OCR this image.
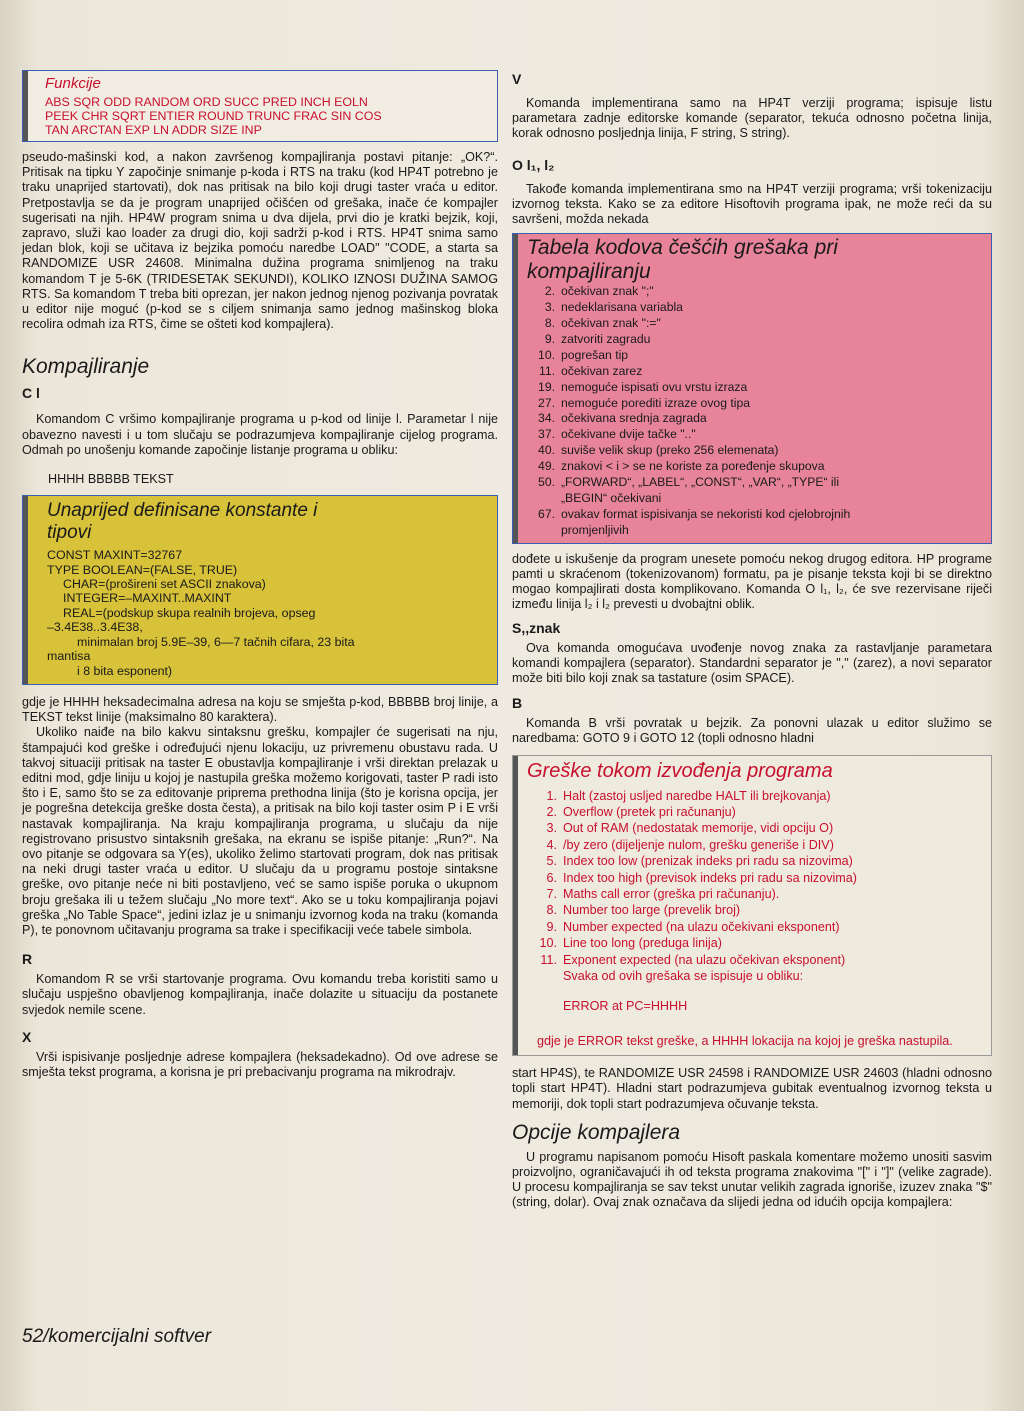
Funkcije
ABS SQR ODD RANDOM ORD SUCC PRED INCH EOLN
PEEK CHR SQRT ENTIER ROUND TRUNC FRAC SIN COS
TAN ARCTAN EXP LN ADDR SIZE INP

pseudo-mašinski kod, a nakon završenog kompajliranja postavi pitanje: „OK?“. Pritisak na tipku Y započinje snimanje p-koda i RTS na traku (kod HP4T potrebno je traku unaprijed startovati), dok nas pritisak na bilo koji drugi taster vraća u editor. Pretpostavlja se da je program unaprijed očišćen od grešaka, inače će kompajler sugerisati na njih. HP4W program snima u dva dijela, prvi dio je kratki bejzik, koji, zapravo, služi kao loader za drugi dio, koji sadrži p-kod i RTS. HP4T snima samo jedan blok, koji se učitava iz bejzika pomoću naredbe LOAD" "CODE, a starta sa RANDOMIZE USR 24608. Minimalna dužina programa snimljenog na traku komandom T je 5-6K (TRIDESETAK SEKUNDI), KOLIKO IZNOSI DUŽINA SAMOG RTS. Sa komandom T treba biti oprezan, jer nakon jednog njenog pozivanja povratak u editor nije moguć (p-kod se s ciljem snimanja samo jednog mašinskog bloka recolira odmah iza RTS, čime se ošteti kod kompajlera).

Kompajliranje
C l

Komandom C vršimo kompajliranje programa u p-kod od linije l. Parametar l nije obavezno navesti i u tom slučaju se podrazumjeva kompajliranje cijelog programa. Odmah po unošenju komande započinje listanje programa u obliku:

HHHH BBBBB TEKST

Unaprijed definisane konstante i
tipovi

CONST MAXINT=32767

TYPE BOOLEAN=(FALSE, TRUE)

CHAR=(prošireni set ASCII znakova)

INTEGER=–MAXINT..MAXINT

REAL=(podskup skupa realnih brojeva, opseg

–3.4E38..3.4E38,

minimalan broj 5.9E–39, 6—7 tačnih cifara, 23 bita

mantisa

i 8 bita esponent)

gdje je HHHH heksadecimalna adresa na koju se smješta p-kod, BBBBB broj linije, a TEKST tekst linije (maksimalno 80 karaktera).

Ukoliko naiđe na bilo kakvu sintaksnu grešku, kompajler će sugerisati na nju, štampajući kod greške i određujući njenu lokaciju, uz privremenu obustavu rada. U takvoj situaciji pritisak na taster E obustavlja kompajliranje i vrši direktan prelazak u editni mod, gdje liniju u kojoj je nastupila greška možemo korigovati, taster P radi isto što i E, samo što se za editovanje priprema prethodna linija (što je korisna opcija, jer je pogrešna detekcija greške dosta česta), a pritisak na bilo koji taster osim P i E vrši nastavak kompajliranja. Na kraju kompajliranja programa, u slučaju da nije registrovano prisustvo sintaksnih grešaka, na ekranu se ispiše pitanje: „Run?“. Na ovo pitanje se odgovara sa Y(es), ukoliko želimo startovati program, dok nas pritisak na neki drugi taster vraća u editor. U slučaju da u programu postoje sintaksne greške, ovo pitanje neće ni biti postavljeno, već se samo ispiše poruka o ukupnom broju grešaka ili u težem slučaju „No more text“. Ako se u toku kompajliranja pojavi greška „No Table Space“, jedini izlaz je u snimanju izvornog koda na traku (komanda P), te ponovnom učitavanju programa sa trake i specifikaciji veće tabele simbola.

R

Komandom R se vrši startovanje programa. Ovu komandu treba koristiti samo u slučaju uspješno obavljenog kompajliranja, inače dolazite u situaciju da postanete svjedok nemile scene.

X

Vrši ispisivanje posljednje adrese kompajlera (heksadekadno). Od ove adrese se smješta tekst programa, a korisna je pri prebacivanju programa na mikrodrajv.

V

Komanda implementirana samo na HP4T verziji programa; ispisuje listu parametara zadnje editorske komande (separator, tekuća odnosno početna linija, korak odnosno posljednja linija, F string, S string).

O l₁, l₂

Takođe komanda implementirana smo na HP4T verziji programa; vrši tokenizaciju izvornog teksta. Kako se za editore Hisoftovih programa ipak, ne može reći da su savršeni, možda nekada

Tabela kodova češćih grešaka pri
kompajliranju

2. očekivan znak ";"

3. nedeklarisana variabla

8. očekivan znak ":="

9. zatvoriti zagradu

10. pogrešan tip

11. očekivan zarez

19. nemoguće ispisati ovu vrstu izraza

27. nemoguće porediti izraze ovog tipa

34. očekivana srednja zagrada

37. očekivane dvije tačke ".."

40. suviše velik skup (preko 256 elemenata)

49. znakovi < i > se ne koriste za poređenje skupova

50. „FORWARD“, „LABEL“, „CONST“, „VAR“, „TYPE“ ili

„BEGIN“ očekivani

67. ovakav format ispisivanja se nekoristi kod cjelobrojnih

promjenljivih

dođete u iskušenje da program unesete pomoću nekog drugog editora. HP programe pamti u skraćenom (tokenizovanom) formatu, pa je pisanje teksta koji bi se direktno mogao kompajlirati dosta komplikovano. Komanda O l₁, l₂, će sve rezervisane riječi između linija l₂ i l₂ prevesti u dvobajtni oblik.

S,,znak

Ova komanda omogućava uvođenje novog znaka za rastavljanje parametara komandi kompajlera (separator). Standardni separator je "," (zarez), a novi separator može biti bilo koji znak sa tastature (osim SPACE).

B

Komanda B vrši povratak u bejzik. Za ponovni ulazak u editor služimo se naredbama: GOTO 9 i GOTO 12 (topli odnosno hladni

Greške tokom izvođenja programa

1. Halt (zastoj usljed naredbe HALT ili brejkovanja)

2. Overflow (pretek pri računanju)

3. Out of RAM (nedostatak memorije, vidi opciju O)

4. /by zero (dijeljenje nulom, grešku generiše i DIV)

5. Index too low (prenizak indeks pri radu sa nizovima)

6. Index too high (previsok indeks pri radu sa nizovima)

7. Maths call error (greška pri računanju).

8. Number too large (prevelik broj)

9. Number expected (na ulazu očekivani eksponent)

10. Line too long (preduga linija)

11. Exponent expected (na ulazu očekivan eksponent)

Svaka od ovih grešaka se ispisuje u obliku:

ERROR at PC=HHHH

gdje je ERROR tekst greške, a HHHH lokacija na kojoj je greška nastupila.

start HP4S), te RANDOMIZE USR 24598 i RANDOMIZE USR 24603 (hladni odnosno topli start HP4T). Hladni start podrazumjeva gubitak eventualnog izvornog teksta u memoriji, dok topli start podrazumjeva očuvanje teksta.

Opcije kompajlera

U programu napisanom pomoću Hisoft paskala komentare možemo unositi sasvim proizvoljno, ograničavajući ih od teksta programa znakovima "[" i "]" (velike zagrade). U procesu kompajliranja se sav tekst unutar velikih zagrada ignoriše, izuzev znaka "$" (string, dolar). Ovaj znak označava da slijedi jedna od idućih opcija kompajlera:

52/komercijalni softver
